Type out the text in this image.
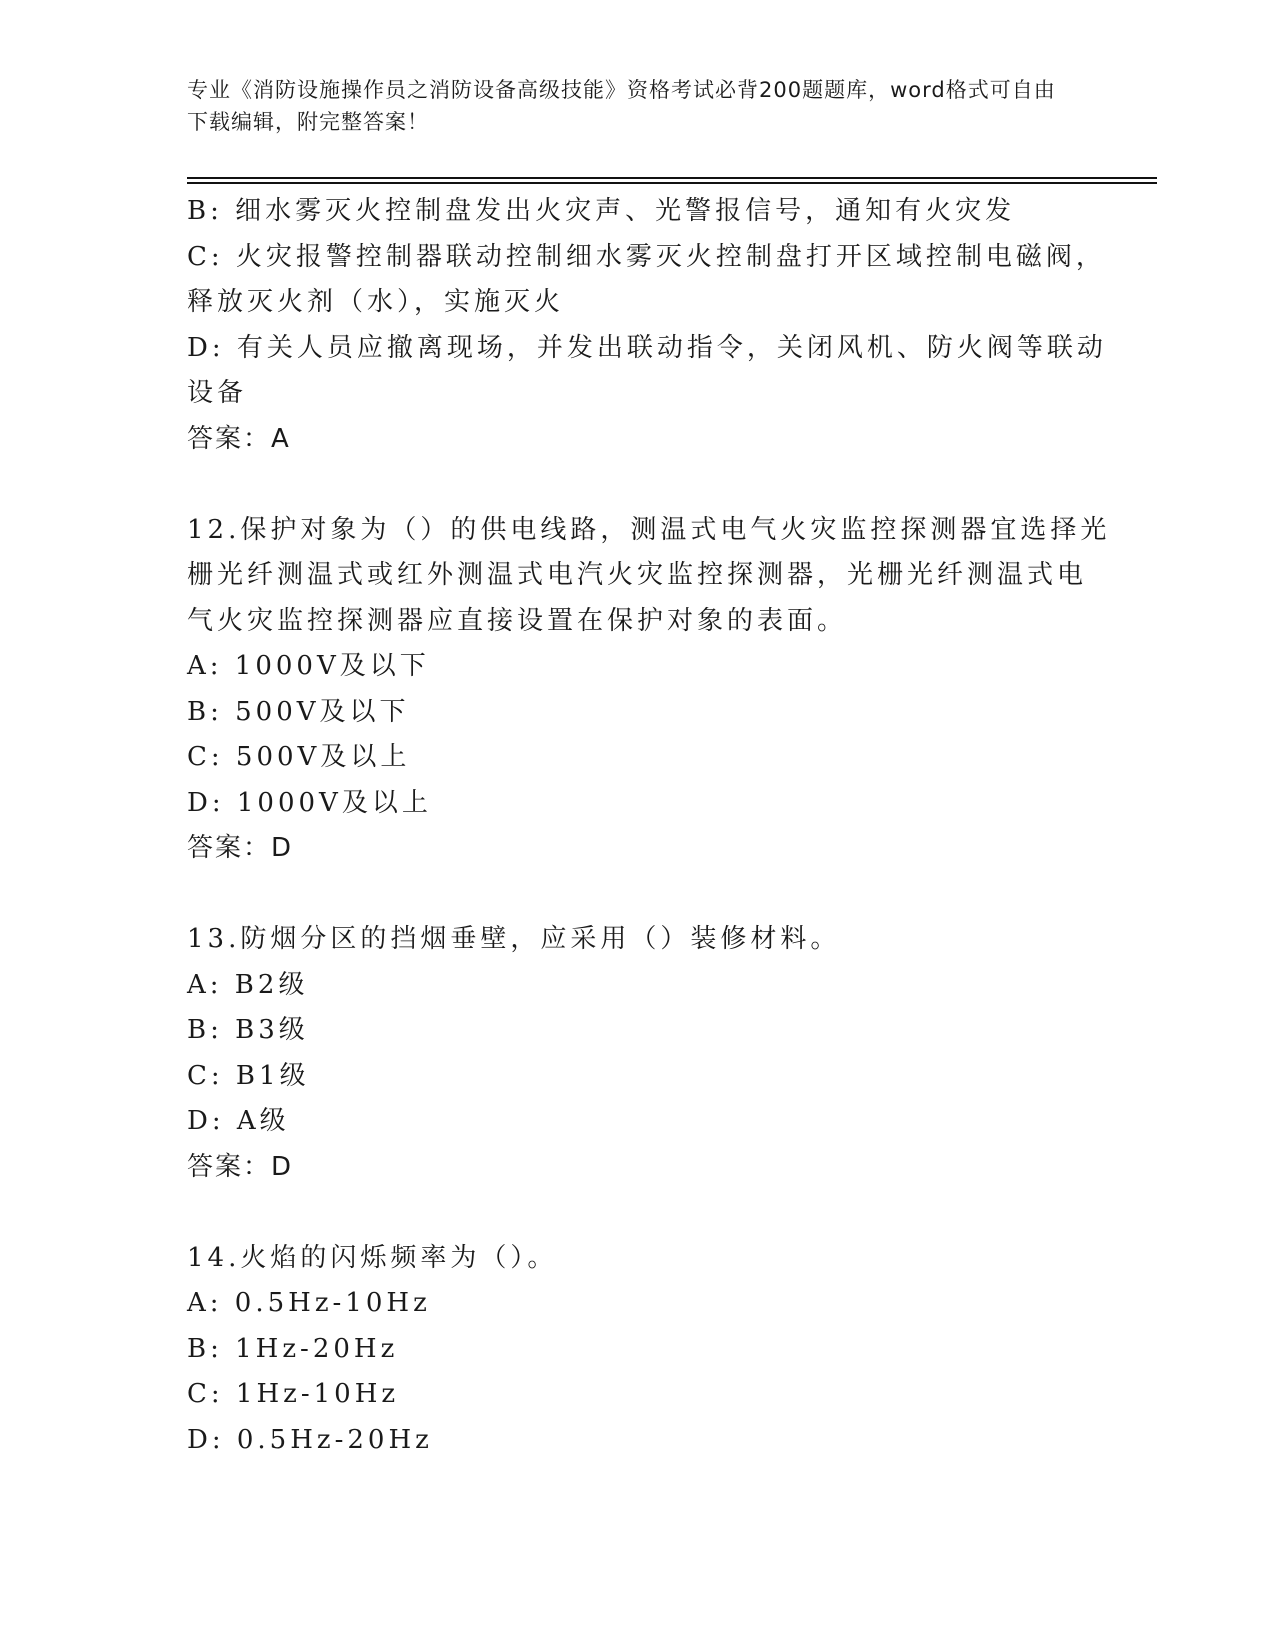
专业《消防设施操作员之消防设备高级技能》资格考试必背200题题库，word格式可自由下载编辑，附完整答案！
B: 细水雾灭火控制盘发出火灾声、光警报信号，通知有火灾发
C: 火灾报警控制器联动控制细水雾灭火控制盘打开区域控制电磁阀，
释放灭火剂（水），实施灭火
D: 有关人员应撤离现场，并发出联动指令，关闭风机、防火阀等联动
设备
答案：A
12.保护对象为（）的供电线路，测温式电气火灾监控探测器宜选择光
栅光纤测温式或红外测温式电汽火灾监控探测器，光栅光纤测温式电
气火灾监控探测器应直接设置在保护对象的表面。
A: 1000V及以下
B: 500V及以下
C: 500V及以上
D: 1000V及以上
答案：D
13.防烟分区的挡烟垂壁，应采用（）装修材料。
A: B2级
B: B3级
C: B1级
D: A级
答案：D
14.火焰的闪烁频率为（）。
A: 0.5Hz-10Hz
B: 1Hz-20Hz
C: 1Hz-10Hz
D: 0.5Hz-20Hz
